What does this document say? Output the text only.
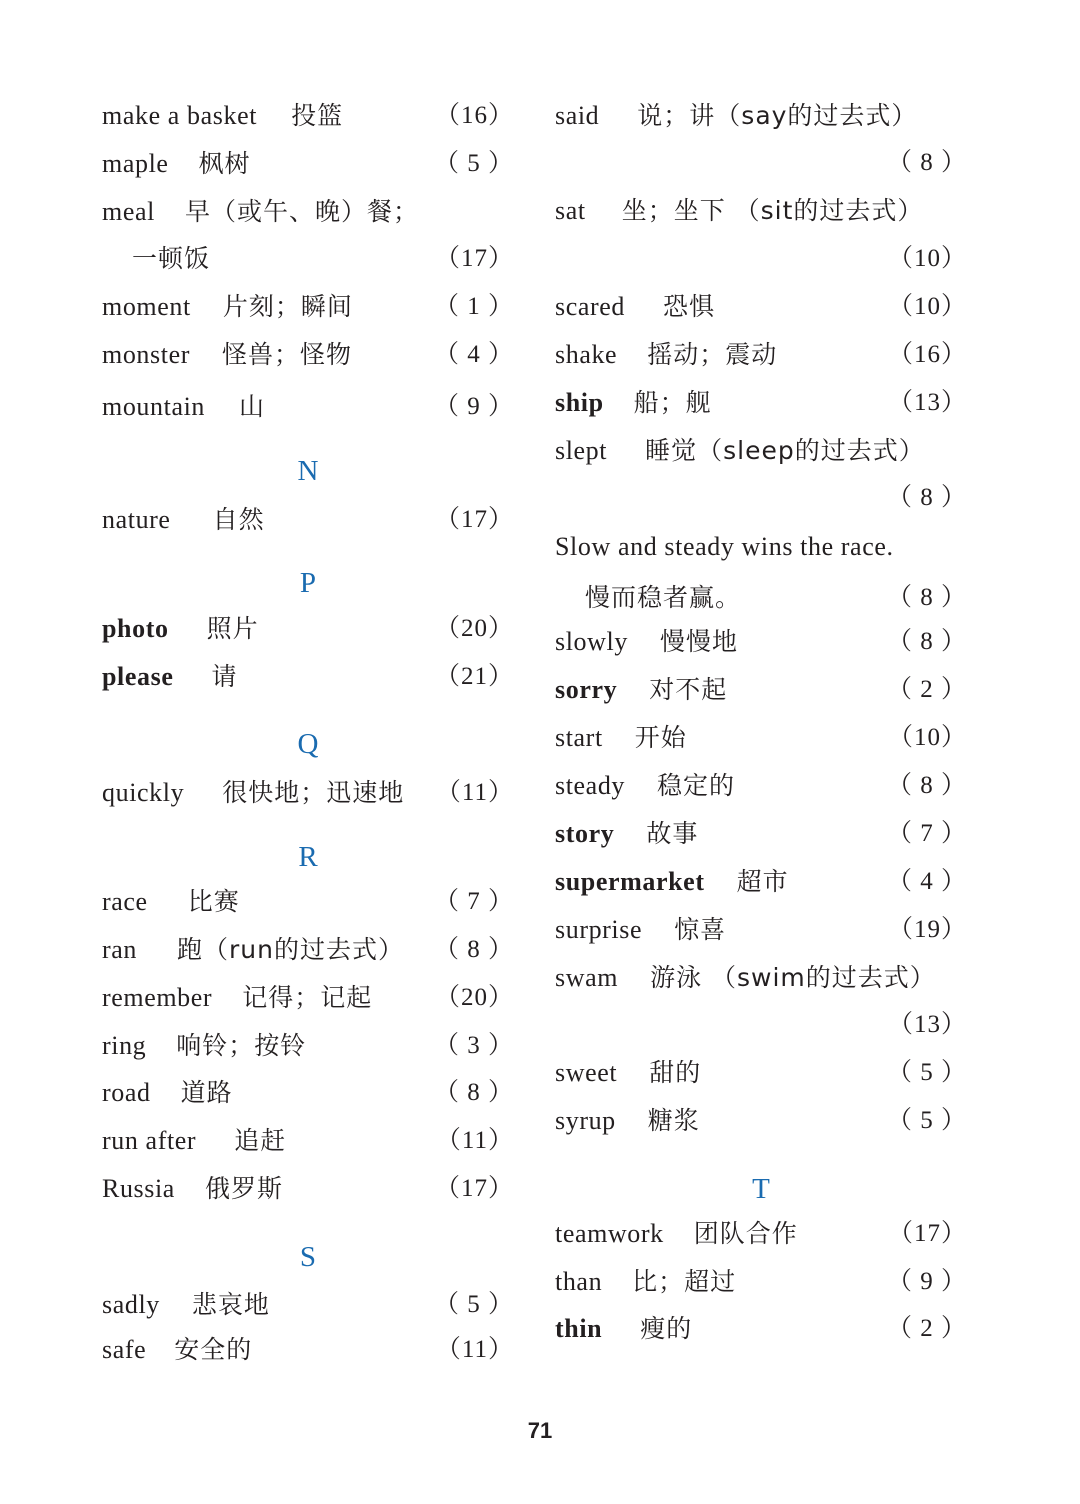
make a basket 投篮	（16）
maple 枫树	（ 5 ）
meal 早（或午、晚）餐；
一顿饭	（17）
moment 片刻；瞬间	（ 1 ）
monster 怪兽；怪物	（ 4 ）
mountain 山	（ 9 ）
N
nature 自然	（17）
P
photo 照片	（20）
please 请	（21）
Q
quickly 很快地；迅速地 （11）
R
race 比赛	（ 7 ）
ran 跑（run的过去式） （ 8 ）
remember 记得；记起	（20）
ring 响铃；按铃	（ 3 ）
road 道路	（ 8 ）
run after 追赶	（11）
Russia 俄罗斯	（17）
S
sadly 悲哀地	（ 5 ）
safe 安全的	（11）
said 说；讲（say的过去式）
（ 8 ）
sat 坐；坐下 （sit的过去式）
（10）
scared 恐惧	（10）
shake 摇动；震动	（16）
ship 船；舰	（13）
slept 睡觉（sleep的过去式）
（ 8 ）
Slow and steady wins the race.
慢而稳者赢。	（ 8 ）
slowly 慢慢地	（ 8 ）
sorry 对不起	（ 2 ）
start 开始	（10）
steady 稳定的	（ 8 ）
story 故事	（ 7 ）
supermarket 超市	（ 4 ）
surprise 惊喜	（19）
swam 游泳 （swim的过去式）
（13）
sweet 甜的	（ 5 ）
syrup 糖浆	（ 5 ）
T
teamwork 团队合作	（17）
than 比；超过	（ 9 ）
thin 瘦的	（ 2 ）
71
